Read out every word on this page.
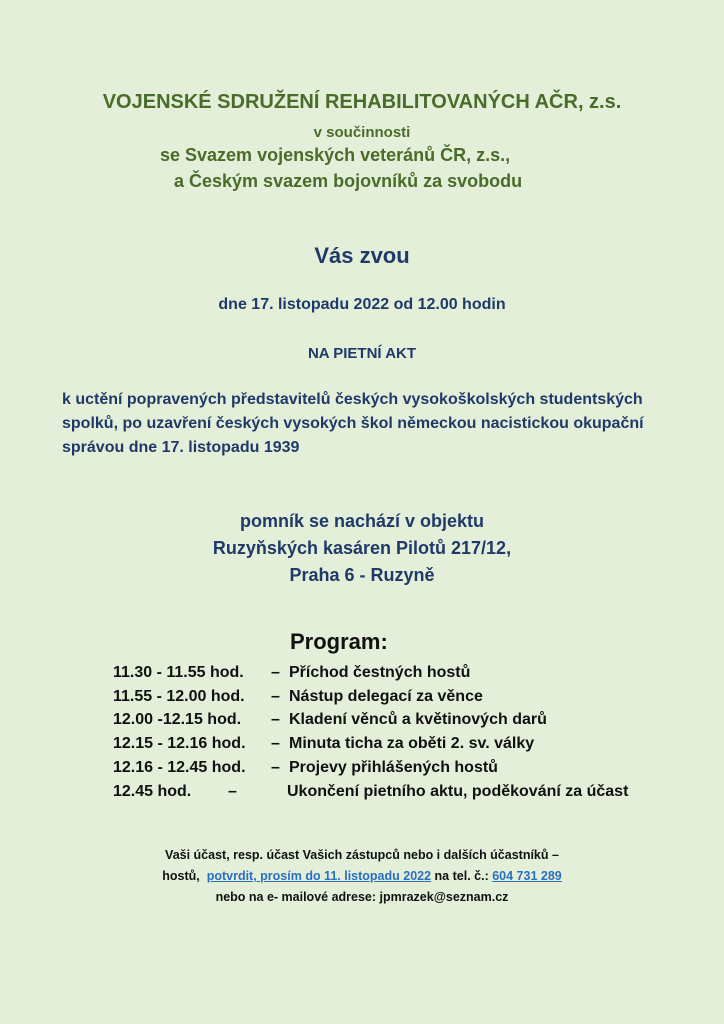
VOJENSKÉ SDRUŽENÍ REHABILITOVANÝCH AČR, z.s.
v součinnosti
se Svazem vojenských veteránů ČR, z.s.,
a Českým svazem bojovníků za svobodu
Vás zvou
dne 17. listopadu 2022 od 12.00 hodin
NA PIETNÍ AKT
k uctění popravených představitelů českých vysokoškolských studentských
spolků, po uzavření českých vysokých škol německou nacistickou okupační
správou dne 17. listopadu 1939
pomník se nachází v objektu
Ruzyňských kasáren Pilotů 217/12,
Praha 6 - Ruzyně
Program:
11.30 - 11.55 hod. – Příchod čestných hostů
11.55 - 12.00 hod. – Nástup delegací za věnce
12.00 -12.15 hod. – Kladení věnců a květinových darů
12.15 - 12.16 hod. – Minuta ticha za oběti 2. sv. války
12.16 - 12.45 hod. – Projevy přihlášených hostů
12.45 hod. –	Ukončení pietního aktu, poděkování za účast
Vaši účast, resp. účast Vašich zástupců nebo i dalších účastníků –
hostů, potvrdit, prosím do 11. listopadu 2022 na tel. č.: 604 731 289
nebo na e- mailové adrese: jpmrazek@seznam.cz
